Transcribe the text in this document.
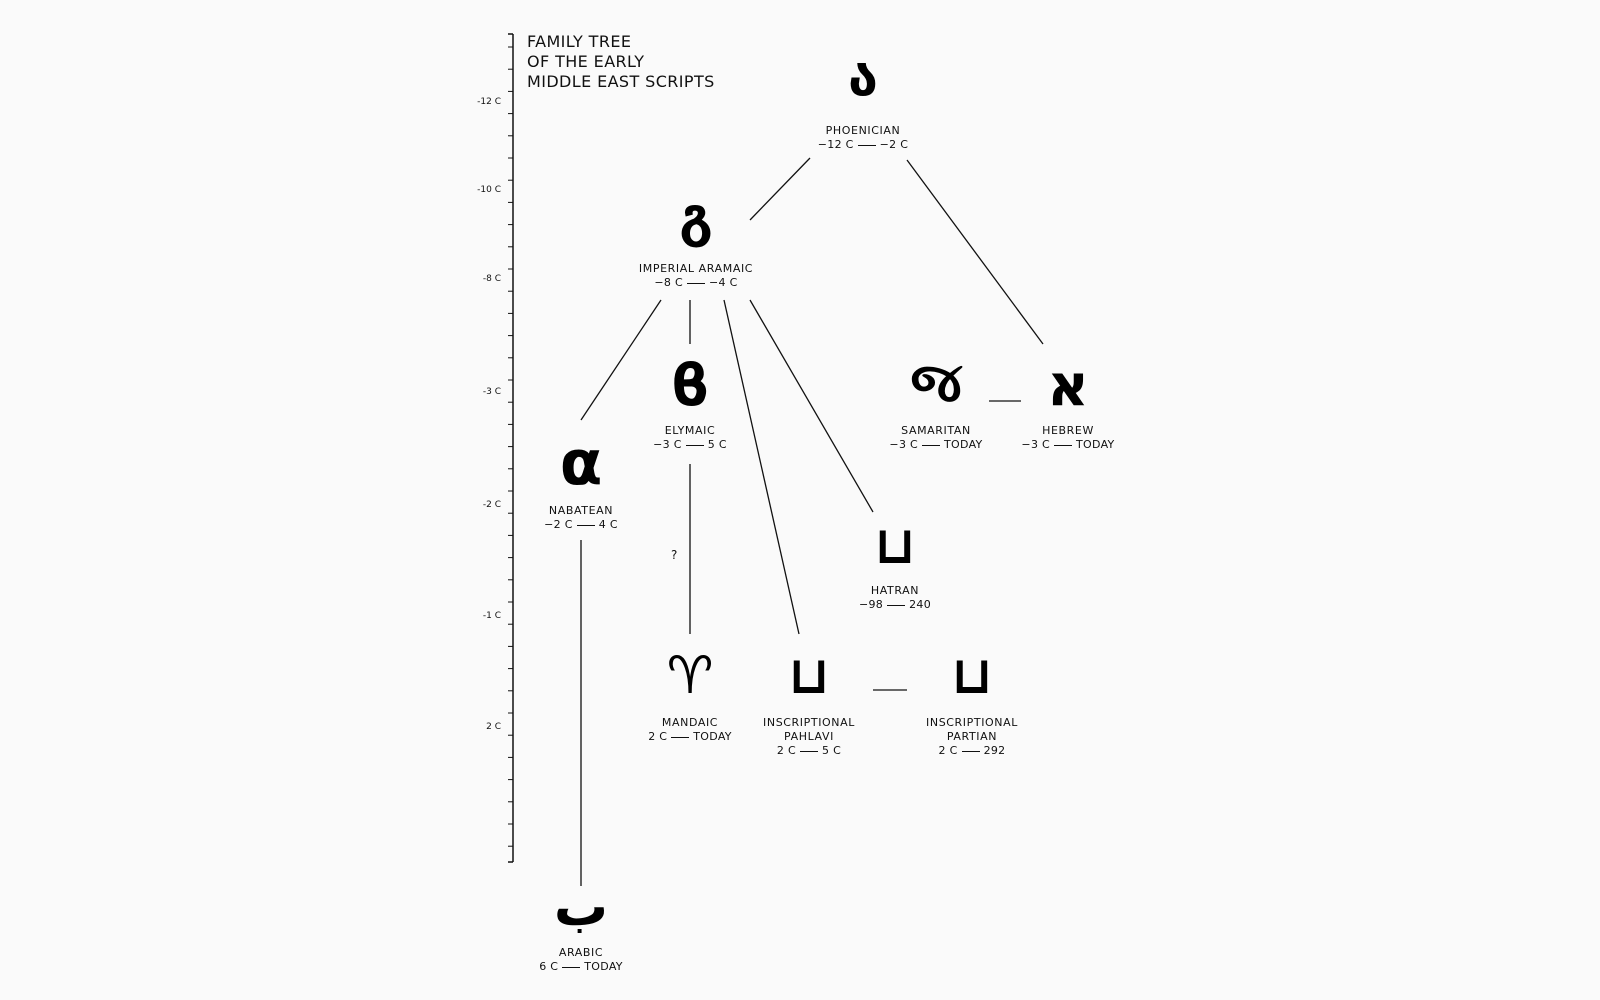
FAMILY TREE
OF THE EARLY
MIDDLE EAST SCRIPTS
-12 C
-10 C
-8 C
-3 C
-2 C
-1 C
2 C
ა
PHOENICIAN
−12 C −2 C
გ
IMPERIAL ARAMAIC
−8 C −4 C
જ
SAMARITAN
−3 C TODAY
א
HEBREW
−3 C TODAY
ϐ
ELYMAIC
−3 C 5 C
α
NABATEAN
−2 C 4 C	⊔
HATRAN
−98 240
?
♈
MANDAIC
2 C TODAY
⊔
INSCRIPTIONAL
PAHLAVI
2 C 5 C
⊔
INSCRIPTIONAL
PARTIAN
2 C 292
ب
ARABIC
6 C TODAY
